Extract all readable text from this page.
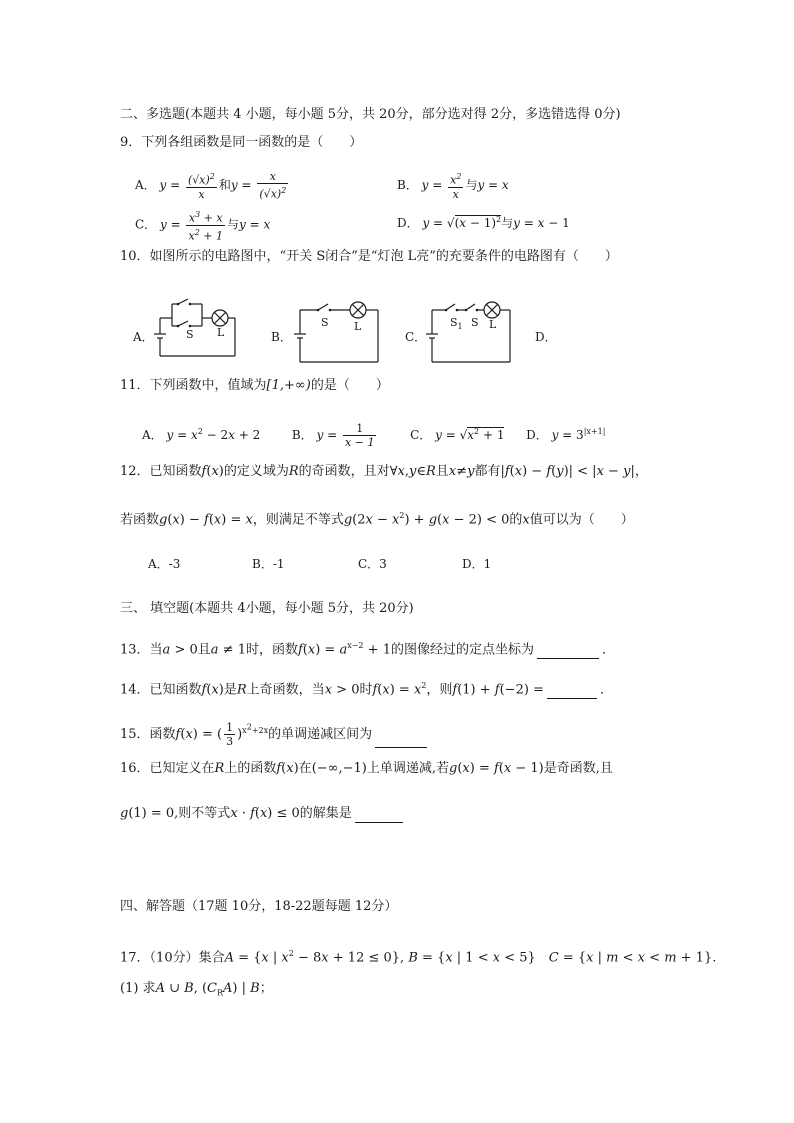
二、多选题(本题共 4 小题，每小题 5分，共 20分，部分选对得 2分，多选错选得 0分)
9．下列各组函数是同一函数的是（　　）
A． $y = \frac{(√x)^2}{x}$ 和$y = \frac{x}{(√x)^2}$	B． $y = \frac{x^2}{x}$ 与y = x
C． $y = \frac{x^3 + x}{x^2 + 1}$ 与y = x	D． $y = √(x - 1)^2$与y = x − 1
10．如图所示的电路图中，“开关 S闭合”是“灯泡 L亮”的充要条件的电路图有（　　）
A．	S L	B．
S L
C．
$S_1$ S L
D．
11．下列函数中，值域为[1,+∞)的是（　　）
A． $y = x^2 - 2x + 2$  B． $y = \frac{1}{x - 1}$	C． $y = √x^2 + 1$ D． $y = 3^{|x+1|}$
12．已知函数f(x)的定义域为R的奇函数，且对∀x,y∈R且x≠y都有|f(x) − f(y)| < |x − y|，
若函数g(x) − f(x) = x，则满足不等式$g(2x - x^2) + g(x - 2) < 0$的x值可以为（　　）
A．-3	B．-1	C．3	D．1
三、 填空题(本题共 4小题，每小题 5分，共 20分)
13．当a > 0且a ≠ 1时，函数$f(x) = a^{x-2} + 1$的图像经过的定点坐标为	．
14．已知函数f(x)是R上奇函数，当x > 0时$f(x) = x^2$，则f(1) + f(−2) =	．
15．函数f(x) = ( $\frac{1}{3} )^{x^2+2x}$的单调递减区间为
16．已知定义在R上的函数f(x)在(−∞,−1)上单调递减,若g(x) = f(x − 1)是奇函数,且
g(1) = 0,则不等式x · f(x) ≤ 0的解集是
四、解答题（17题 10分，18-22题每题 12分）
17．（10分）集合A = {x | $x^2 - 8x + 12 \le 0$}, B = {x | 1 < x < 5}　C = {x | m < x < m + 1}.
(1) 求A ∪ B, $(C_RA)$ | B；
